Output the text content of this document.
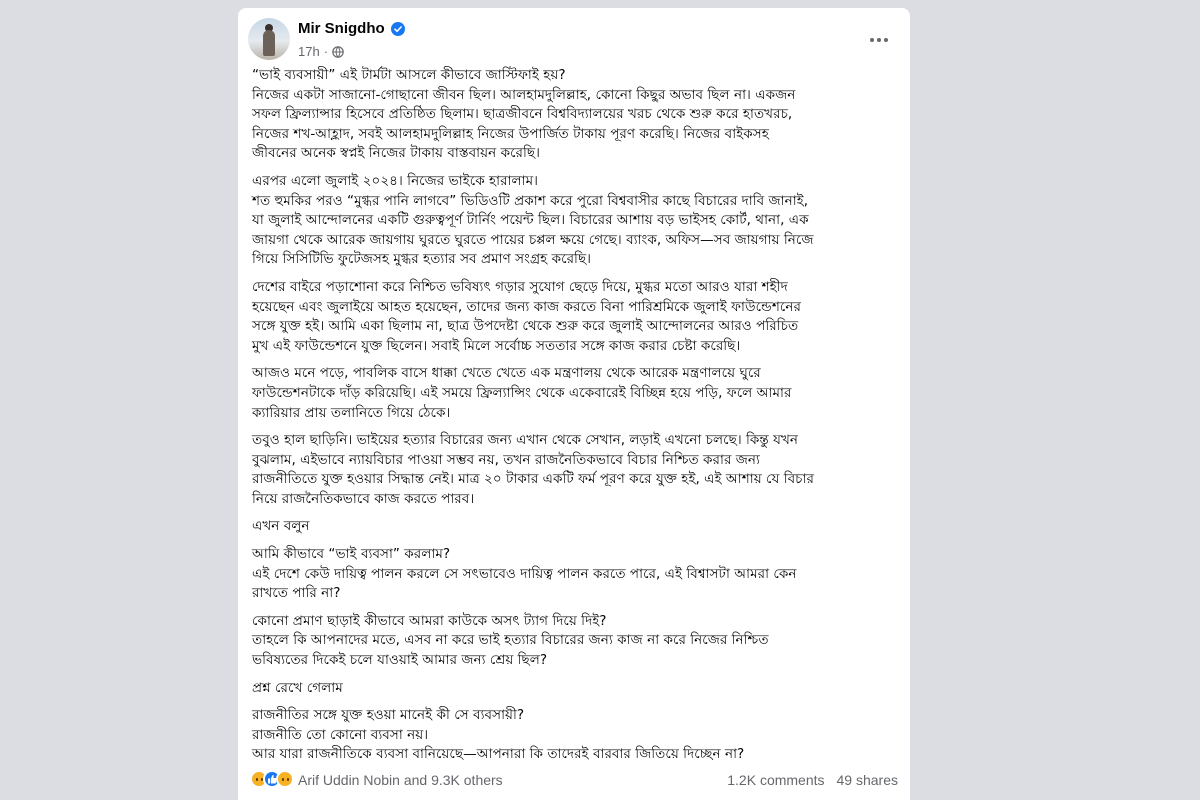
Mir Snigdho
17h ·

“ভাই ব্যবসায়ী” এই টার্মটা আসলে কীভাবে জাস্টিফাই হয়?
নিজের একটা সাজানো-গোছানো জীবন ছিল। আলহামদুলিল্লাহ, কোনো কিছুর অভাব ছিল না। একজন
সফল ফ্রিল্যান্সার হিসেবে প্রতিষ্ঠিত ছিলাম। ছাত্রজীবনে বিশ্ববিদ্যালয়ের খরচ থেকে শুরু করে হাতখরচ,
নিজের শখ-আহ্লাদ, সবই আলহামদুলিল্লাহ নিজের উপার্জিত টাকায় পূরণ করেছি। নিজের বাইকসহ
জীবনের অনেক স্বপ্নই নিজের টাকায় বাস্তবায়ন করেছি।

এরপর এলো জুলাই ২০২৪। নিজের ভাইকে হারালাম।
শত হুমকির পরও “মুগ্ধর পানি লাগবে” ভিডিওটি প্রকাশ করে পুরো বিশ্ববাসীর কাছে বিচারের দাবি জানাই,
যা জুলাই আন্দোলনের একটি গুরুত্বপূর্ণ টার্নিং পয়েন্ট ছিল। বিচারের আশায় বড় ভাইসহ কোর্ট, থানা, এক
জায়গা থেকে আরেক জায়গায় ঘুরতে ঘুরতে পায়ের চপ্পল ক্ষয়ে গেছে। ব্যাংক, অফিস—সব জায়গায় নিজে
গিয়ে সিসিটিভি ফুটেজসহ মুগ্ধর হত্যার সব প্রমাণ সংগ্রহ করেছি।

দেশের বাইরে পড়াশোনা করে নিশ্চিত ভবিষ্যৎ গড়ার সুযোগ ছেড়ে দিয়ে, মুগ্ধর মতো আরও যারা শহীদ
হয়েছেন এবং জুলাইয়ে আহত হয়েছেন, তাদের জন্য কাজ করতে বিনা পারিশ্রমিকে জুলাই ফাউন্ডেশনের
সঙ্গে যুক্ত হই। আমি একা ছিলাম না, ছাত্র উপদেষ্টা থেকে শুরু করে জুলাই আন্দোলনের আরও পরিচিত
মুখ এই ফাউন্ডেশনে যুক্ত ছিলেন। সবাই মিলে সর্বোচ্চ সততার সঙ্গে কাজ করার চেষ্টা করেছি।

আজও মনে পড়ে, পাবলিক বাসে ধাক্কা খেতে খেতে এক মন্ত্রণালয় থেকে আরেক মন্ত্রণালয়ে ঘুরে
ফাউন্ডেশনটাকে দাঁড় করিয়েছি। এই সময়ে ফ্রিল্যান্সিং থেকে একেবারেই বিচ্ছিন্ন হয়ে পড়ি, ফলে আমার
ক্যারিয়ার প্রায় তলানিতে গিয়ে ঠেকে।

তবুও হাল ছাড়িনি। ভাইয়ের হত্যার বিচারের জন্য এখান থেকে সেখান, লড়াই এখনো চলছে। কিন্তু যখন
বুঝলাম, এইভাবে ন্যায়বিচার পাওয়া সম্ভব নয়, তখন রাজনৈতিকভাবে বিচার নিশ্চিত করার জন্য
রাজনীতিতে যুক্ত হওয়ার সিদ্ধান্ত নেই। মাত্র ২০ টাকার একটি ফর্ম পূরণ করে যুক্ত হই, এই আশায় যে বিচার
নিয়ে রাজনৈতিকভাবে কাজ করতে পারব।

এখন বলুন

আমি কীভাবে “ভাই ব্যবসা” করলাম?
এই দেশে কেউ দায়িত্ব পালন করলে সে সৎভাবেও দায়িত্ব পালন করতে পারে, এই বিশ্বাসটা আমরা কেন
রাখতে পারি না?

কোনো প্রমাণ ছাড়াই কীভাবে আমরা কাউকে অসৎ ট্যাগ দিয়ে দিই?
তাহলে কি আপনাদের মতে, এসব না করে ভাই হত্যার বিচারের জন্য কাজ না করে নিজের নিশ্চিত
ভবিষ্যতের দিকেই চলে যাওয়াই আমার জন্য শ্রেয় ছিল?

প্রশ্ন রেখে গেলাম

রাজনীতির সঙ্গে যুক্ত হওয়া মানেই কী সে ব্যবসায়ী?
রাজনীতি তো কোনো ব্যবসা নয়।
আর যারা রাজনীতিকে ব্যবসা বানিয়েছে—আপনারা কি তাদেরই বারবার জিতিয়ে দিচ্ছেন না?

Arif Uddin Nobin and 9.3K others	1.2K comments 49 shares
